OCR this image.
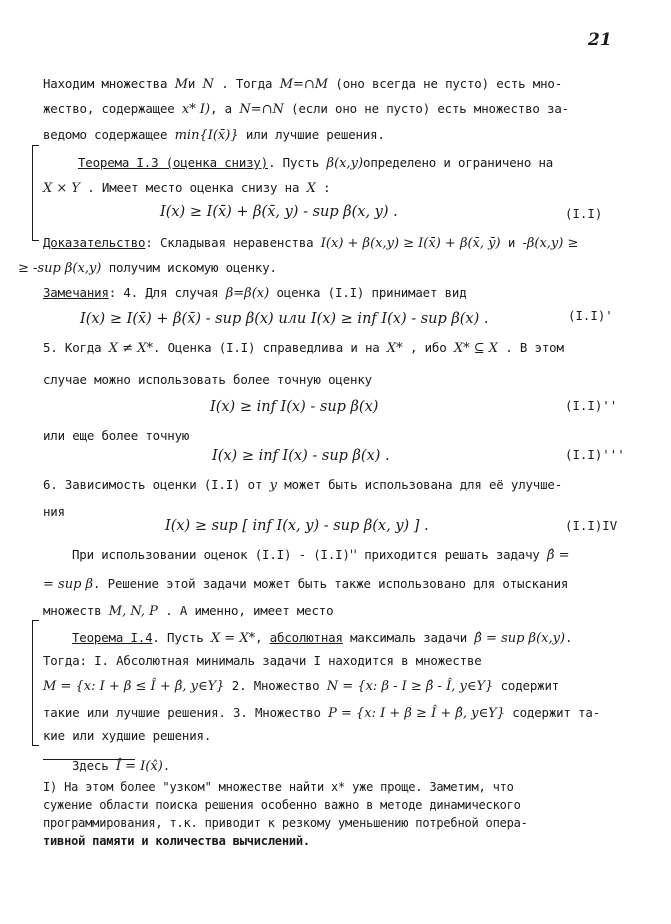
21
Находим множества Mи N . Тогда M=∩M (оно всегда не пусто) есть мно-
жество, содержащее x* I), а N=∩N (если оно не пусто) есть множество за-
ведомо содержащее min{I(x̄)} или лучшие решения.
Теорема I.3 (оценка снизу). Пусть β(x,y)определено и ограничено на
X × Y . Имеет место оценка снизу на X :
Доказательство: Складывая неравенства I(x) + β(x,y) ≥ I(x̄) + β(x̄, ȳ) и -β(x,y) ≥
≥ -sup β(x,y) получим искомую оценку.
Замечания: 4. Для случая β=β(x) оценка (I.I) принимает вид
5. Когда X ≠ X*. Оценка (I.I) справедлива и на X* , ибо X* ⊆ X . В этом
случае можно использовать более точную оценку
или еще более точную
6. Зависимость оценки (I.I) от y может быть использована для её улучше-
ния
При использовании оценок (I.I) - (I.I)'' приходится решать задачу β̂ =
= sup β. Решение этой задачи может быть также использовано для отыскания
множеств M, N, P . А именно, имеет место
Теорема I.4. Пусть X = X*, абсолютная максималь задачи β̂ = sup β(x,y).
Тогда: I. Абсолютная минималь задачи I находится в множестве
M = {x: I + β ≤ Î + β̂, y∈Y} 2. Множество N = {x: β - I ≥ β̂ - Î, y∈Y} содержит
такие или лучшие решения. 3. Множество P = {x: I + β ≥ Î + β̂, y∈Y} содержит та-
кие или худшие решения.
Здесь Î = I(x̂).
I(x) ≥ I(x̄) + β(x̄, y) - sup β(x, y) .	(I.I)
I(x) ≥ I(x̄) + β(x̄) - sup β(x) или I(x) ≥ inf I(x) - sup β(x) .	(I.I)'
I(x) ≥ inf I(x) - sup β(x)	(I.I)''
I(x) ≥ inf I(x) - sup β(x) .	(I.I)'''
I(x) ≥ sup [ inf I(x, y) - sup β(x, y) ] .	(I.I)IV
I) На этом более "узком" множестве найти x* уже проще. Заметим, что
сужение области поиска решения особенно важно в методе динамического
программирования, т.к. приводит к резкому уменьшению потребной опера-
тивной памяти и количества вычислений.
